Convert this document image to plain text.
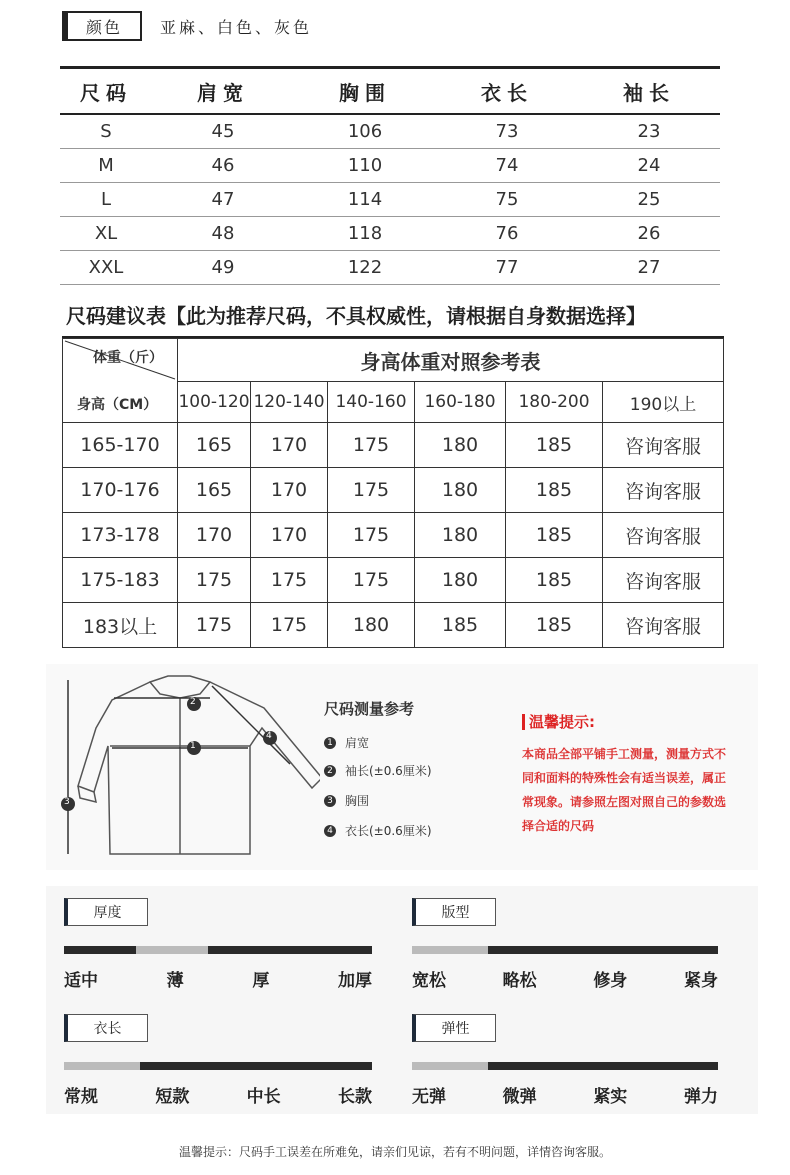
颜色	亚麻、白色、灰色
尺码	肩宽	胸围	衣长	袖长
S	45	106	73	23
M	46	110	74	24
L	47	114	75	25
XL	48	118	76	26
XXL	49	122	77	27
尺码建议表【此为推荐尺码，不具权威性，请根据自身数据选择】
体重（斤）
身高（CM）	身高体重对照参考表					
	100-120	120-140	140-160	160-180	180-200	190以上
165-170	165	170	175	180	185	咨询客服
170-176	165	170	175	180	185	咨询客服
173-178	170	170	175	180	185	咨询客服
175-183	175	175	175	180	185	咨询客服
183以上	175	175	180	185	185	咨询客服
2
1
3
4
尺码测量参考
1 肩宽
2 袖长(±0.6厘米)
3 胸围
4 衣长(±0.6厘米)
温馨提示:
本商品全部平铺手工测量，测量方式不同和面料的特殊性会有适当误差，属正常现象。请参照左图对照自己的参数选择合适的尺码
厚度
适中	薄	厚	加厚
版型
宽松	略松	修身	紧身
衣长
常规	短款	中长	长款
弹性
无弹	微弹	紧实	弹力
温馨提示：尺码手工误差在所难免，请亲们见谅，若有不明问题，详情咨询客服。
